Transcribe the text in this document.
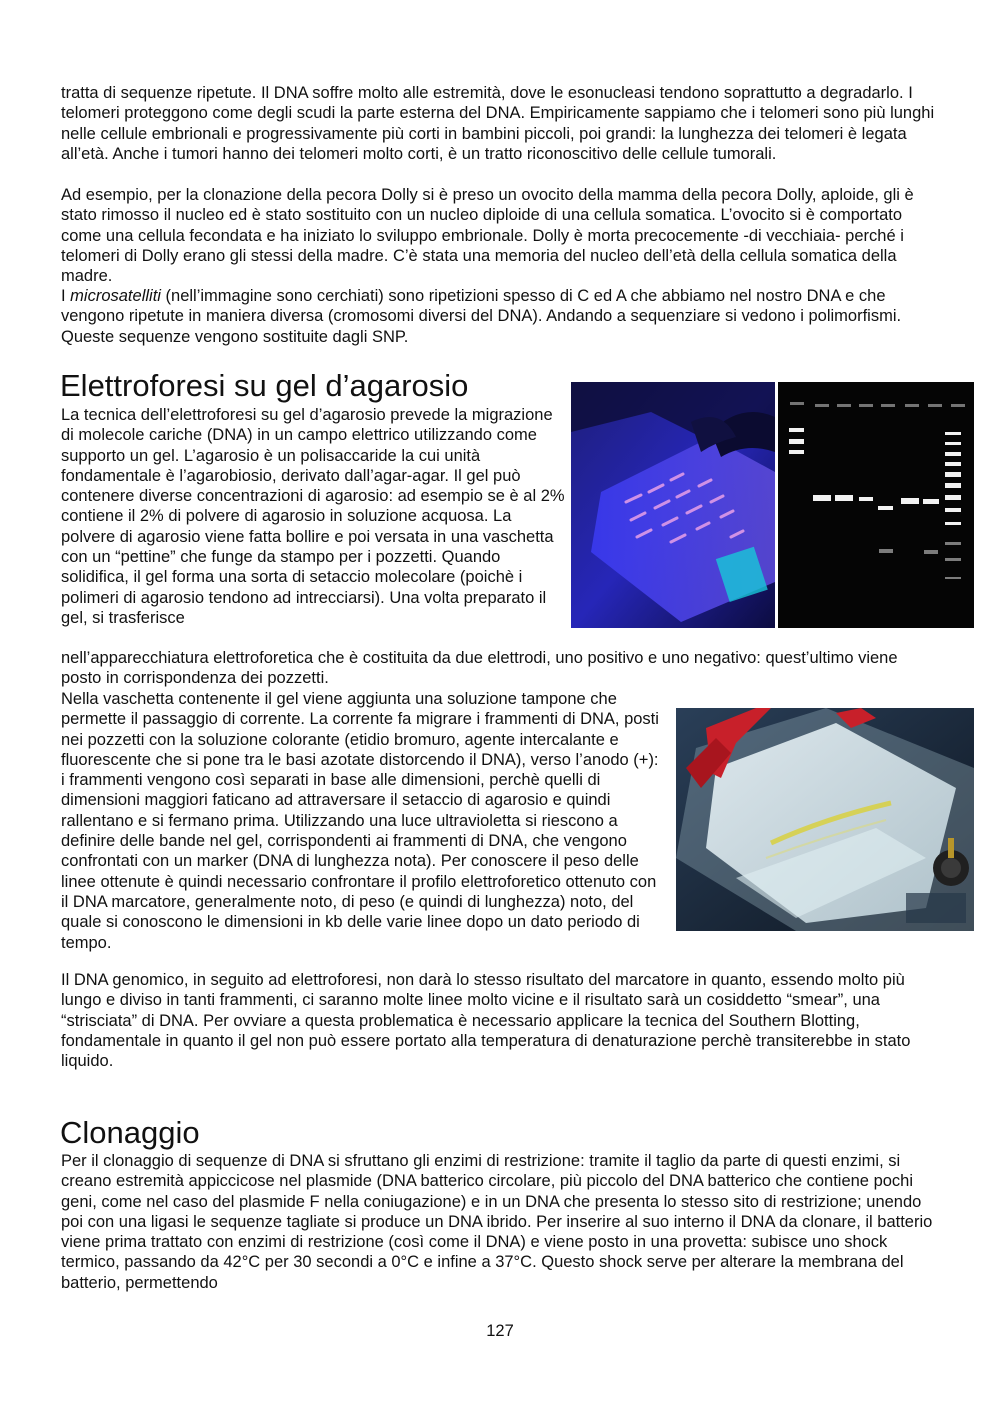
tratta di sequenze ripetute. Il DNA soffre molto alle estremità, dove le esonucleasi tendono soprattutto a degradarlo. I telomeri proteggono come degli scudi la parte esterna del DNA. Empiricamente sappiamo che i telomeri sono più lunghi nelle cellule embrionali e progressivamente più corti in bambini piccoli, poi grandi: la lunghezza dei telomeri è legata all’età. Anche i tumori hanno dei telomeri molto corti, è un tratto riconoscitivo delle cellule tumorali.

Ad esempio, per la clonazione della pecora Dolly si è preso un ovocito della mamma della pecora Dolly, aploide, gli è stato rimosso il nucleo ed è stato sostituito con un nucleo diploide di una cellula somatica. L’ovocito si è comportato come una cellula fecondata e ha iniziato lo sviluppo embrionale. Dolly è morta precocemente -di vecchiaia- perché i telomeri di Dolly erano gli stessi della madre. C’è stata una memoria del nucleo dell’età della cellula somatica della madre.

I microsatelliti (nell’immagine sono cerchiati) sono ripetizioni spesso di C ed A che abbiamo nel nostro DNA e che vengono ripetute in maniera diversa (cromosomi diversi del DNA). Andando a sequenziare si vedono i polimorfismi. Queste sequenze vengono sostituite dagli SNP.

Elettroforesi su gel d’agarosio

La tecnica dell’elettroforesi su gel d’agarosio prevede la migrazione di molecole cariche (DNA) in un campo elettrico utilizzando come supporto un gel. L’agarosio è un polisaccaride la cui unità fondamentale è l’agarobiosio, derivato dall’agar-agar. Il gel può contenere diverse concentrazioni di agarosio: ad esempio se è al 2% contiene il 2% di polvere di agarosio in soluzione acquosa. La polvere di agarosio viene fatta bollire e poi versata in una vaschetta con un “pettine” che funge da stampo per i pozzetti. Quando solidifica, il gel forma una sorta di setaccio molecolare (poichè i polimeri di agarosio tendono ad intrecciarsi). Una volta preparato il gel, si trasferisce

nell’apparecchiatura elettroforetica che è costituita da due elettrodi, uno positivo e uno negativo: quest’ultimo viene posto in corrispondenza dei pozzetti.

Nella vaschetta contenente il gel viene aggiunta una soluzione tampone che permette il passaggio di corrente. La corrente fa migrare i frammenti di DNA, posti nei pozzetti con la soluzione colorante (etidio bromuro, agente intercalante e fluorescente che si pone tra le basi azotate distorcendo il DNA), verso l’anodo (+): i frammenti vengono così separati in base alle dimensioni, perchè quelli di dimensioni maggiori faticano ad attraversare il setaccio di agarosio e quindi rallentano e si fermano prima. Utilizzando una luce ultravioletta si riescono a definire delle bande nel gel, corrispondenti ai frammenti di DNA, che vengono confrontati con un marker (DNA di lunghezza nota). Per conoscere il peso delle linee ottenute è quindi necessario confrontare il profilo elettroforetico ottenuto con il DNA marcatore, generalmente noto, di peso (e quindi di lunghezza) noto, del quale si conoscono le dimensioni in kb delle varie linee dopo un dato periodo di tempo.

Il DNA genomico, in seguito ad elettroforesi, non darà lo stesso risultato del marcatore in quanto, essendo molto più lungo e diviso in tanti frammenti, ci saranno molte linee molto vicine e il risultato sarà un cosiddetto “smear”, una “strisciata” di DNA. Per ovviare a questa problematica è necessario applicare la tecnica del Southern Blotting, fondamentale in quanto il gel non può essere portato alla temperatura di denaturazione perchè transiterebbe in stato liquido.

Clonaggio

Per il clonaggio di sequenze di DNA si sfruttano gli enzimi di restrizione: tramite il taglio da parte di questi enzimi, si creano estremità appiccicose nel plasmide (DNA batterico circolare, più piccolo del DNA batterico che contiene pochi geni, come nel caso del plasmide F nella coniugazione) e in un DNA che presenta lo stesso sito di restrizione; unendo poi con una ligasi le sequenze tagliate si produce un DNA ibrido. Per inserire al suo interno il DNA da clonare, il batterio viene prima trattato con enzimi di restrizione (così come il DNA) e viene posto in una provetta: subisce uno shock termico, passando da 42°C per 30 secondi a 0°C e infine a 37°C. Questo shock serve per alterare la membrana del batterio, permettendo

127
